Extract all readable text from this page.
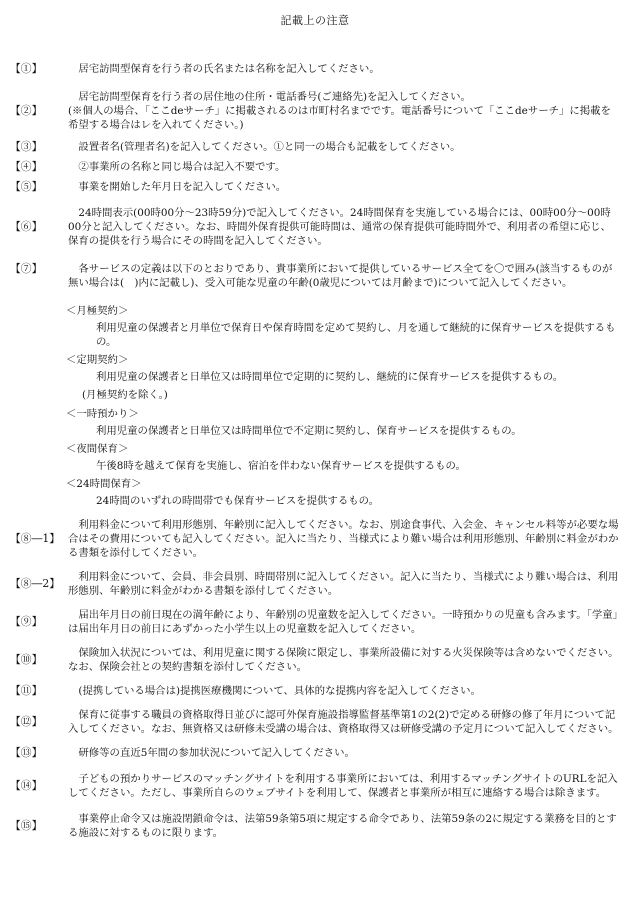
記載上の注意
【①】	居宅訪問型保育を行う者の氏名または名称を記入してください。

【②】

居宅訪問型保育を行う者の居住地の住所・電話番号(ご連絡先)を記入してください。

(※個人の場合、「ここdeサーチ」に掲載されるのは市町村名までです。電話番号について「ここdeサーチ」に掲載を希望する場合はレを入れてください。)

【③】	設置者名(管理者名)を記入してください。①と同一の場合も記載をしてください。

【④】	②事業所の名称と同じ場合は記入不要です。

【⑤】	事業を開始した年月日を記入してください。

【⑥】

24時間表示(00時00分～23時59分)で記入してください。24時間保育を実施している場合には、00時00分～00時00分と記入してください。なお、時間外保育提供可能時間は、通常の保育提供可能時間外で、利用者の希望に応じ、保育の提供を行う場合にその時間を記入してください。

【⑦】	各サービスの定義は以下のとおりであり、貴事業所において提供しているサービス全てを〇で囲み(該当するものが無い場合は(　)内に記載し)、受入可能な児童の年齢(0歳児については月齢まで)について記入してください。

＜月極契約＞

利用児童の保護者と月単位で保育日や保育時間を定めて契約し、月を通して継続的に保育サービスを提供するもの。

＜定期契約＞
利用児童の保護者と日単位又は時間単位で定期的に契約し、継続的に保育サービスを提供するもの。
(月極契約を除く。)
＜一時預かり＞
利用児童の保護者と日単位又は時間単位で不定期に契約し、保育サービスを提供するもの。
＜夜間保育＞
午後8時を越えて保育を実施し、宿泊を伴わない保育サービスを提供するもの。
＜24時間保育＞
24時間のいずれの時間帯でも保育サービスを提供するもの。
【⑧―1】

利用料金について利用形態別、年齢別に記入してください。なお、別途食事代、入会金、キャンセル料等が必要な場合はその費用についても記入してください。記入に当たり、当様式により難い場合は利用形態別、年齢別に料金がわかる書類を添付してください。

【⑧―2】	利用料金について、会員、非会員別、時間帯別に記入してください。記入に当たり、当様式により難い場合は、利用形態別、年齢別に料金がわかる書類を添付してください。

【⑨】	届出年月日の前日現在の満年齢により、年齢別の児童数を記入してください。一時預かりの児童も含みます。「学童」は届出年月日の前日にあずかった小学生以上の児童数を記入してください。

【⑩】	保険加入状況については、利用児童に関する保険に限定し、事業所設備に対する火災保険等は含めないでください。なお、保険会社との契約書類を添付してください。

【⑪】	(提携している場合は)提携医療機関について、具体的な提携内容を記入してください。

【⑫】	保育に従事する職員の資格取得日並びに認可外保育施設指導監督基準第1の2(2)で定める研修の修了年月について記入してください。なお、無資格又は研修未受講の場合は、資格取得又は研修受講の予定月について記入してください。

【⑬】	研修等の直近5年間の参加状況について記入してください。

【⑭】	子どもの預かりサービスのマッチングサイトを利用する事業所においては、利用するマッチングサイトのURLを記入してください。ただし、事業所自らのウェブサイトを利用して、保護者と事業所が相互に連絡する場合は除きます。

【⑮】	事業停止命令又は施設閉鎖命令は、法第59条第5項に規定する命令であり、法第59条の2に規定する業務を目的とする施設に対するものに限ります。
